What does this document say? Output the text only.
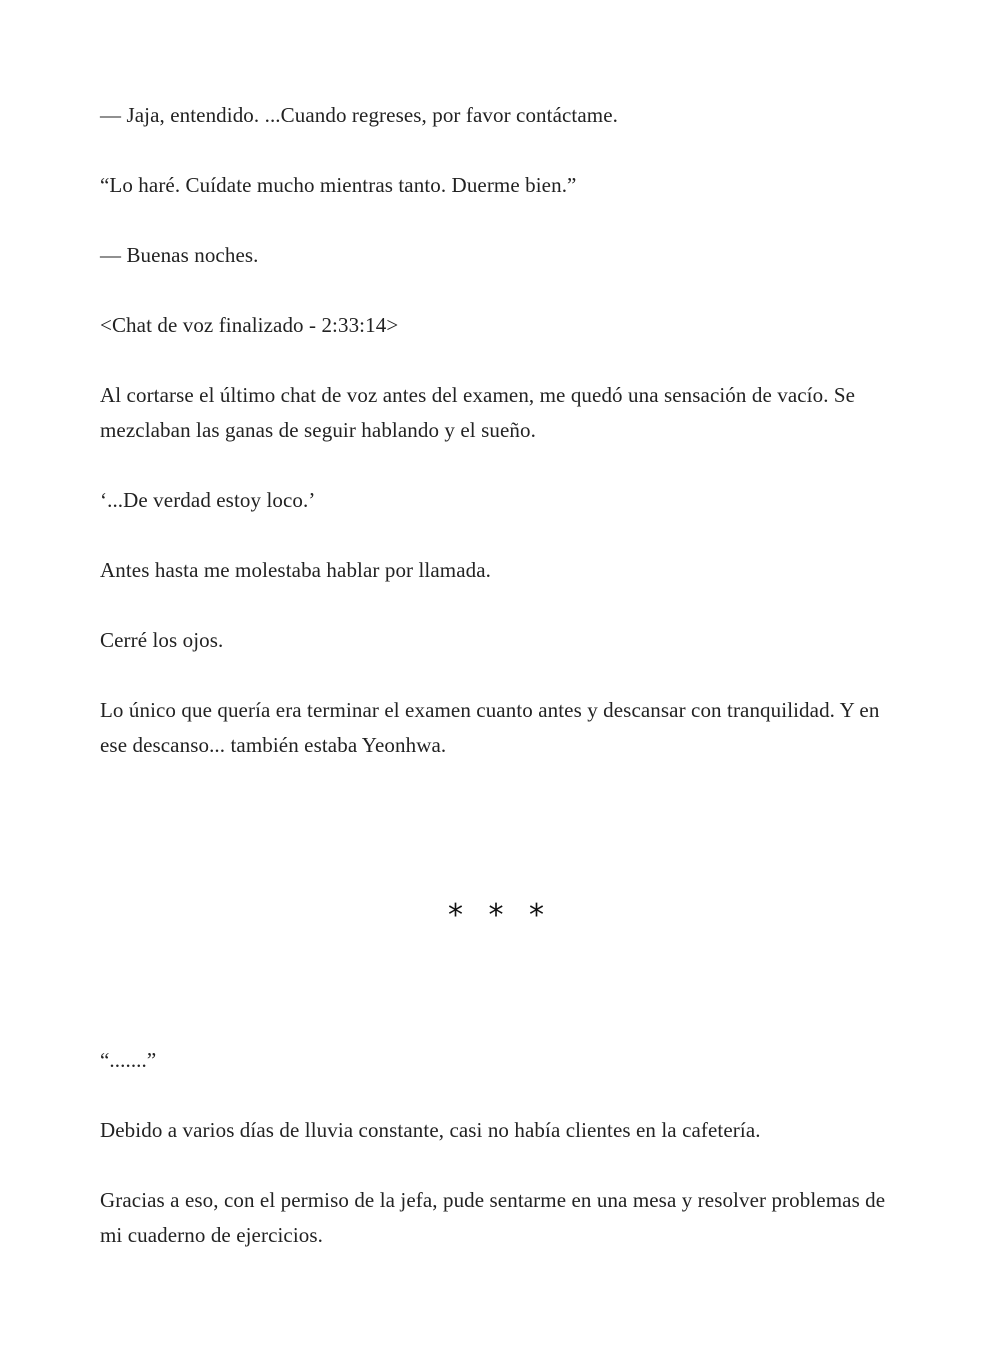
— Jaja, entendido. ...Cuando regreses, por favor contáctame.

“Lo haré. Cuídate mucho mientras tanto. Duerme bien.”

— Buenas noches.

<Chat de voz finalizado - 2:33:14>

Al cortarse el último chat de voz antes del examen, me quedó una sensación de vacío. Se mezclaban las ganas de seguir hablando y el sueño.

‘...De verdad estoy loco.’

Antes hasta me molestaba hablar por llamada.

Cerré los ojos.

Lo único que quería era terminar el examen cuanto antes y descansar con tranquilidad. Y en ese descanso... también estaba Yeonhwa.

* * *

“.......”

Debido a varios días de lluvia constante, casi no había clientes en la cafetería.

Gracias a eso, con el permiso de la jefa, pude sentarme en una mesa y resolver problemas de mi cuaderno de ejercicios.
